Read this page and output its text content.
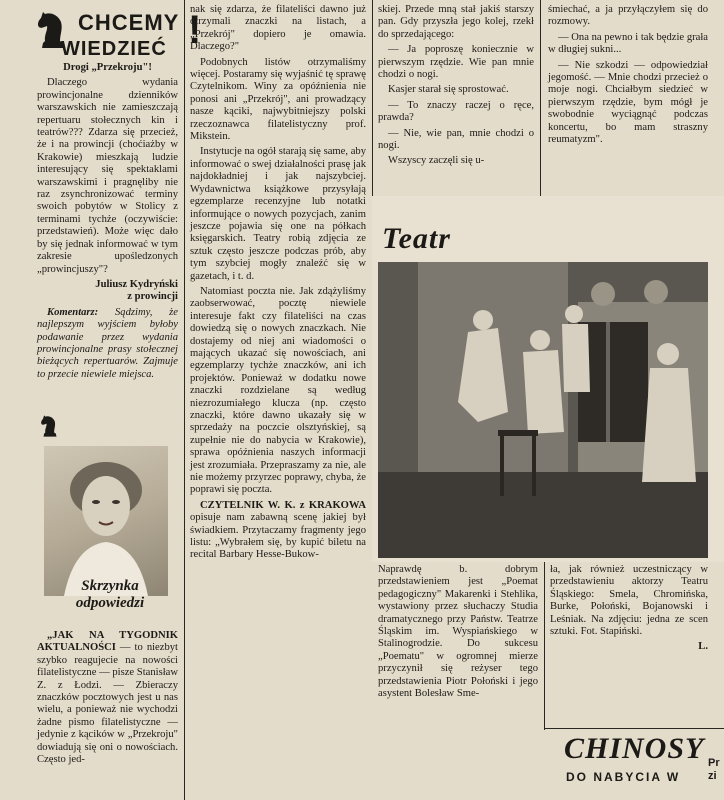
CHCEMY
WIEDZIEĆ !

Drogi „Przekroju"!

Dlaczego wydania prowincjonalne dzienników warszawskich nie zamieszczają repertuaru stołecznych kin i teatrów??? Zdarza się przecież, że i na prowincji (choćiażby w Krakowie) mieszkają ludzie interesujący się spektaklami warszawskimi i pragnęliby nie raz zsynchronizować terminy swoich pobytów w Stolicy z terminami tychże (oczywiście: przedstawień). Może więc dało by się jednak informować w tym zakresie upośledzonych „prowincjuszy"?

Juliusz Kydryński
z prowincji

Komentarz: Sądzimy, że najlepszym wyjściem byłoby podawanie przez wydania prowincjonalne prasy stołecznej bieżących repertuarów. Zajmuje to przecie niewiele miejsca.

Skrzynka
odpowiedzi

„JAK NA TYGODNIK AKTUALNOŚCI — to niezbyt szybko reagujecie na nowości filatelistyczne — pisze Stanisław Z. z Łodzi. — Zbieraczy znaczków pocztowych jest u nas wielu, a ponieważ nie wychodzi żadne pismo filatelistyczne — jedynie z kącików w „Przekroju" dowiadują się oni o nowościach. Często jed-

nak się zdarza, że filateliści dawno już otrzymali znaczki na listach, a „Przekrój" dopiero je omawia. Dlaczego?"

Podobnych listów otrzymaliśmy więcej. Postaramy się wyjaśnić tę sprawę Czytelnikom. Winy za opóźnienia nie ponosi ani „Przekrój", ani prowadzący nasze kąciki, najwybitniejszy polski rzeczoznawca filatelistyczny prof. Mikstein.

Instytucje na ogół starają się same, aby informować o swej działalności prasę jak najdokładniej i jak najszybciej. Wydawnictwa książkowe przysyłają egzemplarze recenzyjne lub notatki informujące o nowych pozycjach, zanim jeszcze pojawia się one na półkach księgarskich. Teatry robią zdjęcia ze sztuk często jeszcze podczas prób, aby tym szybciej mogły znaleźć się w gazetach, i t. d.

Natomiast poczta nie. Jak zdążyliśmy zaobserwować, pocztę niewiele interesuje fakt czy filateliści na czas dowiedzą się o nowych znaczkach. Nie dostajemy od niej ani wiadomości o mających ukazać się nowościach, ani egzemplarzy tychże znaczków, ani ich projektów. Ponieważ w dodatku nowe znaczki rozdzielane są według niezrozumiałego klucza (np. często znaczki, które dawno ukazały się w sprzedaży na poczcie olsztyńskiej, są zupełnie nie do nabycia w Krakowie), sprawa opóźnienia naszych informacji jest zrozumiała. Przepraszamy za nie, ale nie możemy przyrzec poprawy, chyba, że poprawi się poczta.

CZYTELNIK W. K. z KRAKOWA opisuje nam zabawną scenę jakiej był świadkiem. Przytaczamy fragmenty jego listu: „Wybrałem się, by kupić biletu na recital Barbary Hesse-Bukow-

skiej. Przede mną stał jakiś starszy pan. Gdy przyszła jego kolej, rzekł do sprzedającego:

— Ja poproszę koniecznie w pierwszym rzędzie. Wie pan mnie chodzi o nogi.

Kasjer starał się sprostować.

— To znaczy raczej o ręce, prawda?

— Nie, wie pan, mnie chodzi o nogi.

Wszyscy zaczęli się u-

śmiechać, a ja przyłączyłem się do rozmowy.

— Ona na pewno i tak będzie grała w długiej sukni...

— Nie szkodzi — odpowiedział jegomość. — Mnie chodzi przecież o moje nogi. Chciałbym siedzieć w pierwszym rzędzie, bym mógł je swobodnie wyciągnąć podczas koncertu, bo mam straszny reumatyzm".

Teatr

Naprawdę b. dobrym przedstawieniem jest „Poemat pedagogiczny" Makarenki i Stehlika, wystawiony przez słuchaczy Studia dramatycznego przy Państw. Teatrze Śląskim im. Wyspiańskiego w Stalinogrodzie. Do sukcesu „Poematu" w ogromnej mierze przyczynił się reżyser tego przedstawienia Piotr Połoński i jego asystent Bolesław Sme-

ła, jak również uczestniczący w przedstawieniu aktorzy Teatru Śląskiego: Smela, Chromińska, Burke, Połoński, Bojanowski i Leśniak. Na zdjęciu: jedna ze scen sztuki. Fot. Stapiński.

L.

CHINOSY
DO NABYCIA W
Pr
zi
